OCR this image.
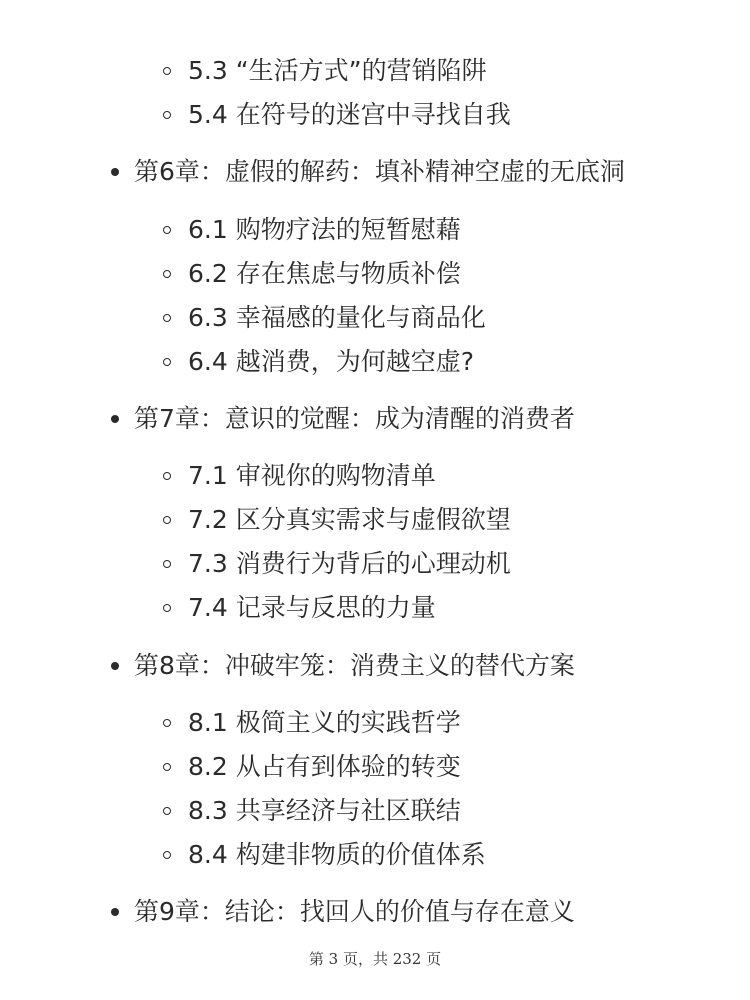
5.3 “生活方式”的营销陷阱
5.4 在符号的迷宫中寻找自我
第6章：虚假的解药：填补精神空虚的无底洞
6.1 购物疗法的短暂慰藉
6.2 存在焦虑与物质补偿
6.3 幸福感的量化与商品化
6.4 越消费，为何越空虚?
第7章：意识的觉醒：成为清醒的消费者
7.1 审视你的购物清单
7.2 区分真实需求与虚假欲望
7.3 消费行为背后的心理动机
7.4 记录与反思的力量
第8章：冲破牢笼：消费主义的替代方案
8.1 极简主义的实践哲学
8.2 从占有到体验的转变
8.3 共享经济与社区联结
8.4 构建非物质的价值体系
第9章：结论：找回人的价值与存在意义
第 3 页，共 232 页
